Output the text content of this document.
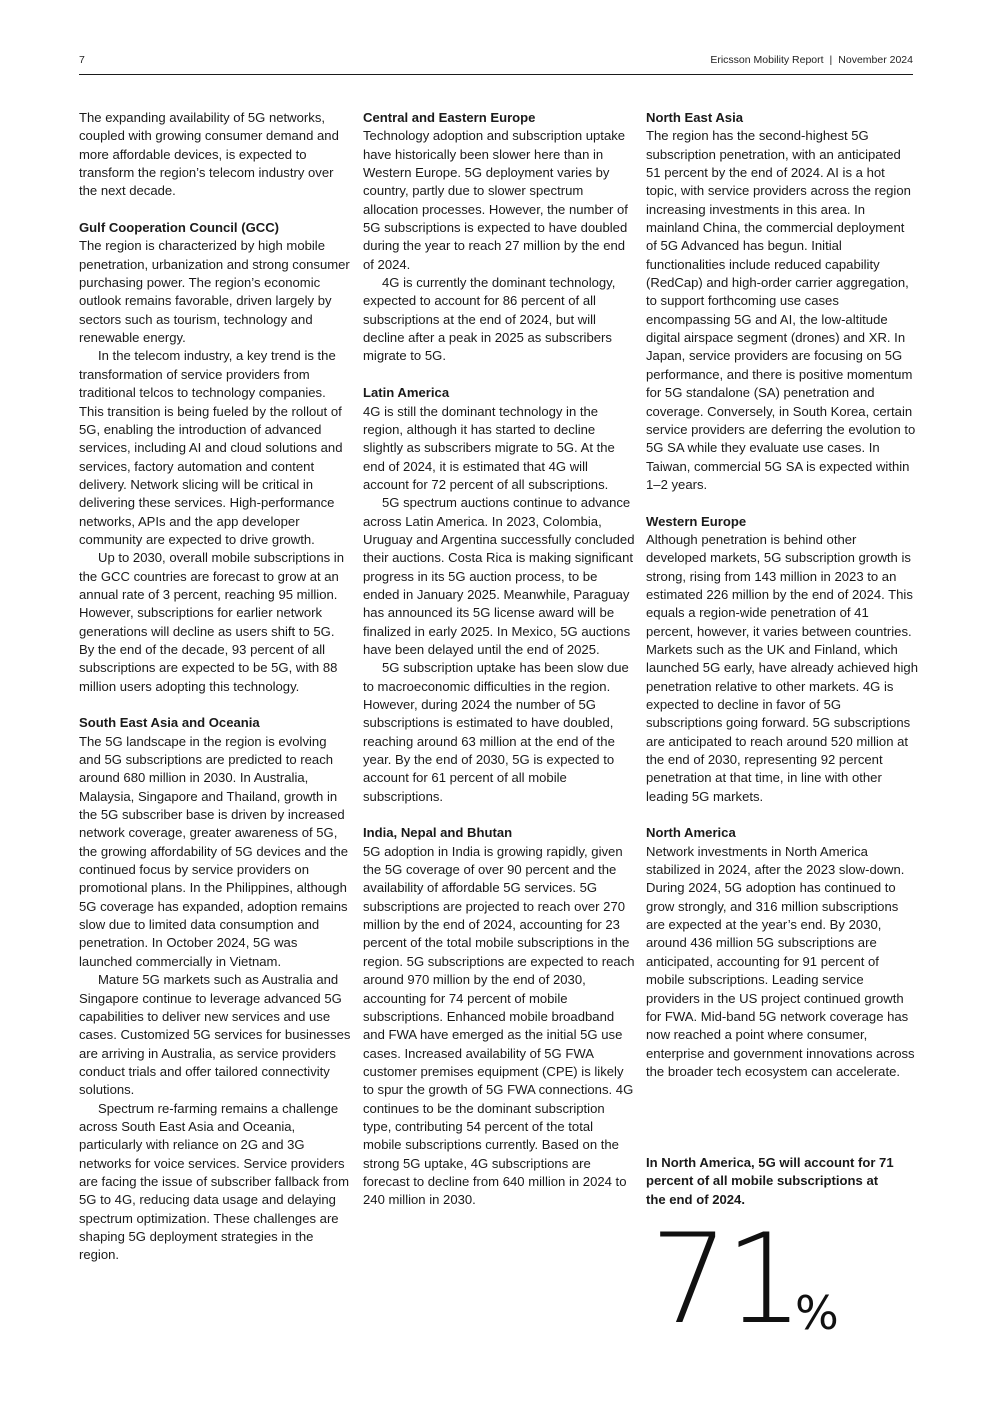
7	Ericsson Mobility Report | November 2024

The expanding availability of 5G networks, coupled with growing consumer demand and more affordable devices, is expected to transform the region’s telecom industry over the next decade.

Gulf Cooperation Council (GCC)

The region is characterized by high mobile penetration, urbanization and strong consumer purchasing power. The region’s economic outlook remains favorable, driven largely by sectors such as tourism, technology and renewable energy.

In the telecom industry, a key trend is the transformation of service providers from traditional telcos to technology companies. This transition is being fueled by the rollout of 5G, enabling the introduction of advanced services, including AI and cloud solutions and services, factory automation and content delivery. Network slicing will be critical in delivering these services. High-performance networks, APIs and the app developer community are expected to drive growth.

Up to 2030, overall mobile subscriptions in the GCC countries are forecast to grow at an annual rate of 3 percent, reaching 95 million. However, subscriptions for earlier network generations will decline as users shift to 5G. By the end of the decade, 93 percent of all subscriptions are expected to be 5G, with 88 million users adopting this technology.

South East Asia and Oceania

The 5G landscape in the region is evolving and 5G subscriptions are predicted to reach around 680 million in 2030. In Australia, Malaysia, Singapore and Thailand, growth in the 5G subscriber base is driven by increased network coverage, greater awareness of 5G, the growing affordability of 5G devices and the continued focus by service providers on promotional plans. In the Philippines, although 5G coverage has expanded, adoption remains slow due to limited data consumption and penetration. In October 2024, 5G was launched commercially in Vietnam.

Mature 5G markets such as Australia and Singapore continue to leverage advanced 5G capabilities to deliver new services and use cases. Customized 5G services for businesses are arriving in Australia, as service providers conduct trials and offer tailored connectivity solutions.

Spectrum re-farming remains a challenge across South East Asia and Oceania, particularly with reliance on 2G and 3G networks for voice services. Service providers are facing the issue of subscriber fallback from 5G to 4G, reducing data usage and delaying spectrum optimization. These challenges are shaping 5G deployment strategies in the region.

Central and Eastern Europe

Technology adoption and subscription uptake have historically been slower here than in Western Europe. 5G deployment varies by country, partly due to slower spectrum allocation processes. However, the number of 5G subscriptions is expected to have doubled during the year to reach 27 million by the end of 2024.

4G is currently the dominant technology, expected to account for 86 percent of all subscriptions at the end of 2024, but will decline after a peak in 2025 as subscribers migrate to 5G.

Latin America

4G is still the dominant technology in the region, although it has started to decline slightly as subscribers migrate to 5G. At the end of 2024, it is estimated that 4G will account for 72 percent of all subscriptions.

5G spectrum auctions continue to advance across Latin America. In 2023, Colombia, Uruguay and Argentina successfully concluded their auctions. Costa Rica is making significant progress in its 5G auction process, to be ended in January 2025. Meanwhile, Paraguay has announced its 5G license award will be finalized in early 2025. In Mexico, 5G auctions have been delayed until the end of 2025.

5G subscription uptake has been slow due to macroeconomic difficulties in the region. However, during 2024 the number of 5G subscriptions is estimated to have doubled, reaching around 63 million at the end of the year. By the end of 2030, 5G is expected to account for 61 percent of all mobile subscriptions.

India, Nepal and Bhutan

5G adoption in India is growing rapidly, given the 5G coverage of over 90 percent and the availability of affordable 5G services. 5G subscriptions are projected to reach over 270 million by the end of 2024, accounting for 23 percent of the total mobile subscriptions in the region. 5G subscriptions are expected to reach around 970 million by the end of 2030, accounting for 74 percent of mobile subscriptions. Enhanced mobile broadband and FWA have emerged as the initial 5G use cases. Increased availability of 5G FWA customer premises equipment (CPE) is likely to spur the growth of 5G FWA connections. 4G continues to be the dominant subscription type, contributing 54 percent of the total mobile subscriptions currently. Based on the strong 5G uptake, 4G subscriptions are forecast to decline from 640 million in 2024 to 240 million in 2030.

North East Asia

The region has the second-highest 5G subscription penetration, with an anticipated 51 percent by the end of 2024. AI is a hot topic, with service providers across the region increasing investments in this area. In mainland China, the commercial deployment of 5G Advanced has begun. Initial functionalities include reduced capability (RedCap) and high-order carrier aggregation, to support forthcoming use cases encompassing 5G and AI, the low-altitude digital airspace segment (drones) and XR. In Japan, service providers are focusing on 5G performance, and there is positive momentum for 5G standalone (SA) penetration and coverage. Conversely, in South Korea, certain service providers are deferring the evolution to 5G SA while they evaluate use cases. In Taiwan, commercial 5G SA is expected within 1–2 years.

Western Europe

Although penetration is behind other developed markets, 5G subscription growth is strong, rising from 143 million in 2023 to an estimated 226 million by the end of 2024. This equals a region-wide penetration of 41 percent, however, it varies between countries. Markets such as the UK and Finland, which launched 5G early, have already achieved high penetration relative to other markets. 4G is expected to decline in favor of 5G subscriptions going forward. 5G subscriptions are anticipated to reach around 520 million at the end of 2030, representing 92 percent penetration at that time, in line with other leading 5G markets.

North America

Network investments in North America stabilized in 2024, after the 2023 slow-down. During 2024, 5G adoption has continued to grow strongly, and 316 million subscriptions are expected at the year’s end. By 2030, around 436 million 5G subscriptions are anticipated, accounting for 91 percent of mobile subscriptions. Leading service providers in the US project continued growth for FWA. Mid-band 5G network coverage has now reached a point where consumer, enterprise and government innovations across the broader tech ecosystem can accelerate.

In North America, 5G will account for 71 percent of all mobile subscriptions at the end of 2024.
71
%
